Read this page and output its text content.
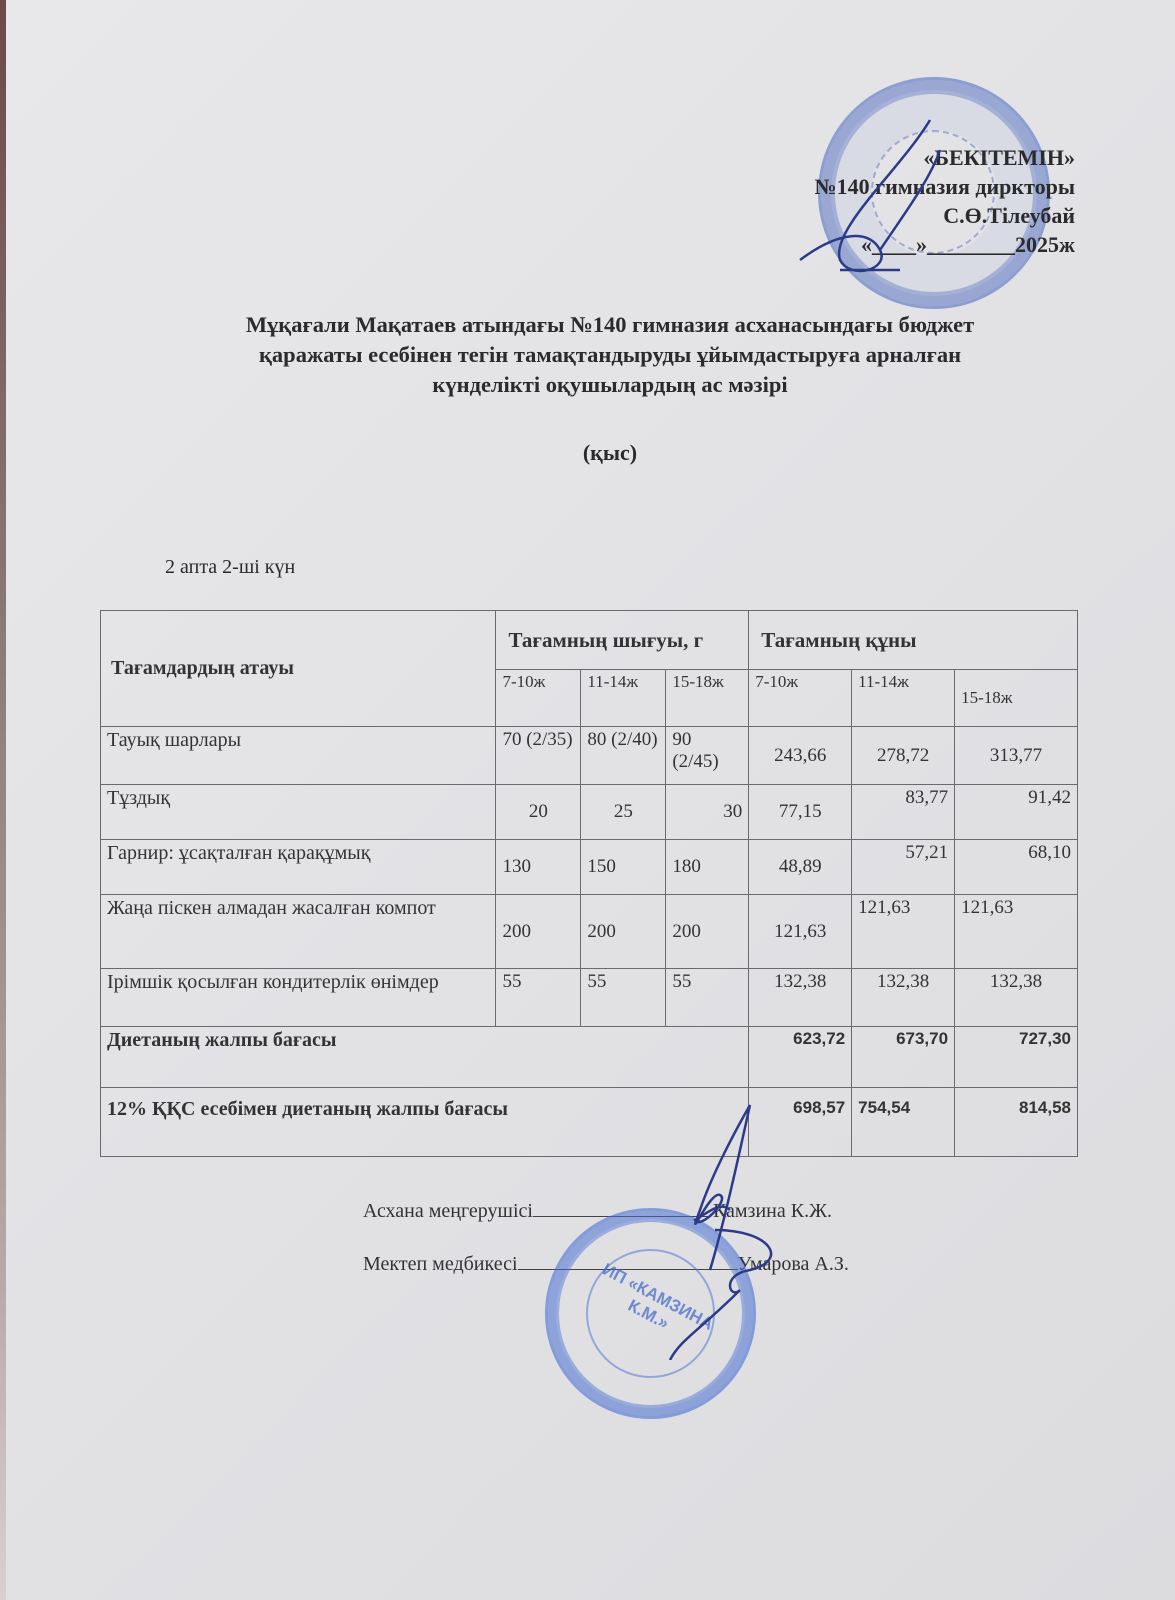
«БЕКІТЕМІН»
№140 гимназия диркторы
С.Ө.Тілеубай
«____»________2025ж
Мұқағали Мақатаев атындағы №140 гимназия асханасындағы бюджет
қаражаты есебінен тегін тамақтандыруды ұйымдастыруға арналған
күнделікті оқушылардың ас мәзірі
(қыс)
2 апта 2-ші күн
Тағамдардың атауы	Тағамның шығуы, г			Тағамның құны		
	7-10ж	11-14ж	15-18ж	7-10ж	11-14ж	15-18ж
Тауық шарлары	70 (2/35)	80 (2/40)	90 (2/45)	243,66	278,72	313,77
Тұздық	20	25	30	77,15	83,77	91,42
Гарнир: ұсақталған қарақұмық	130	150	180	48,89	57,21	68,10
Жаңа піскен алмадан жасалған компот	200	200	200	121,63	121,63	121,63
Ірімшік қосылған кондитерлік өнімдер	55	55	55	132,38	132,38	132,38
Диетаның жалпы бағасы				623,72	673,70	727,30
12% ҚҚС есебімен диетаның жалпы бағасы				698,57	754,54	814,58
ИП «КАМЗИНА К.М.»
Асхана меңгерушісі	Камзина К.Ж.
Мектеп медбикесі	Умарова А.З.
